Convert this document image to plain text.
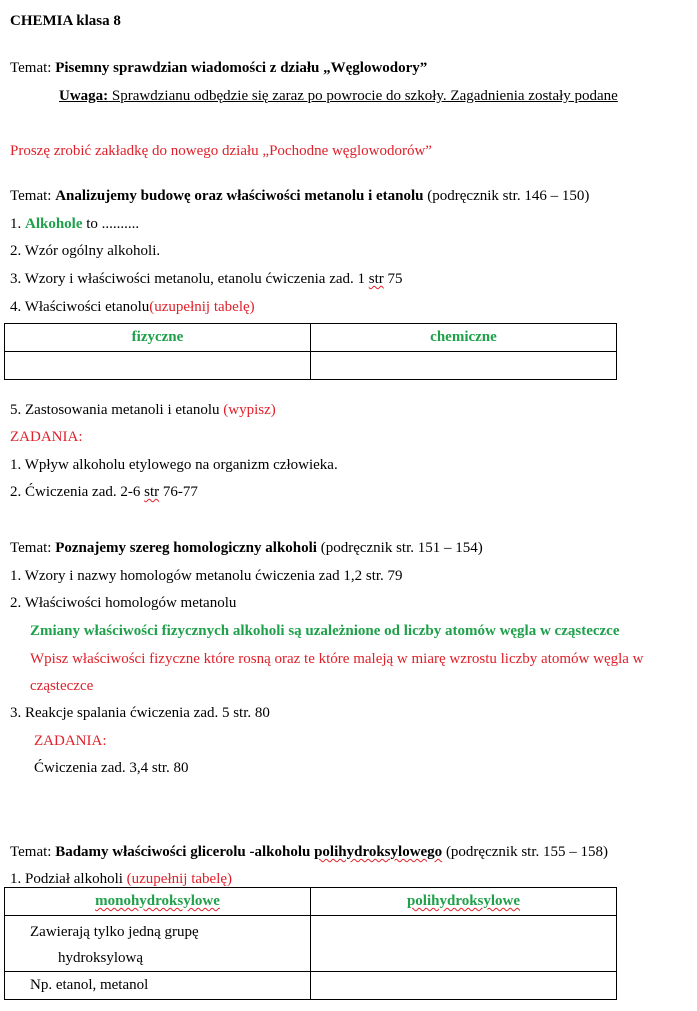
CHEMIA klasa 8
Temat: Pisemny sprawdzian wiadomości z działu „Węglowodory”
Uwaga: Sprawdzianu odbędzie się zaraz po powrocie do szkoły. Zagadnienia zostały podane
Proszę zrobić zakładkę do nowego działu „Pochodne węglowodorów”
Temat: Analizujemy budowę oraz właściwości metanolu i etanolu (podręcznik str. 146 – 150)
1. Alkohole to ..........
2. Wzór ogólny alkoholi.
3. Wzory i właściwości metanolu, etanolu ćwiczenia zad. 1 str 75
4. Właściwości etanolu(uzupełnij tabelę)
fizyczne	chemiczne

5. Zastosowania metanoli i etanolu (wypisz)
ZADANIA:
1. Wpływ alkoholu etylowego na organizm człowieka.
2. Ćwiczenia zad. 2-6 str 76-77
Temat: Poznajemy szereg homologiczny alkoholi (podręcznik str. 151 – 154)
1. Wzory i nazwy homologów metanolu ćwiczenia zad 1,2 str. 79
2. Właściwości homologów metanolu
Zmiany właściwości fizycznych alkoholi są uzależnione od liczby atomów węgla w cząsteczce
Wpisz właściwości fizyczne które rosną oraz te które maleją w miarę wzrostu liczby atomów węgla w
cząsteczce
3. Reakcje spalania ćwiczenia zad. 5 str. 80
ZADANIA:
Ćwiczenia zad. 3,4 str. 80
Temat: Badamy właściwości glicerolu -alkoholu polihydroksylowego (podręcznik str. 155 – 158)
1. Podział alkoholi (uzupełnij tabelę)
monohydroksylowe	polihydroksylowe

Zawierają tylko jedną grupę
hydroksylową	

Np. etanol, metanol	
